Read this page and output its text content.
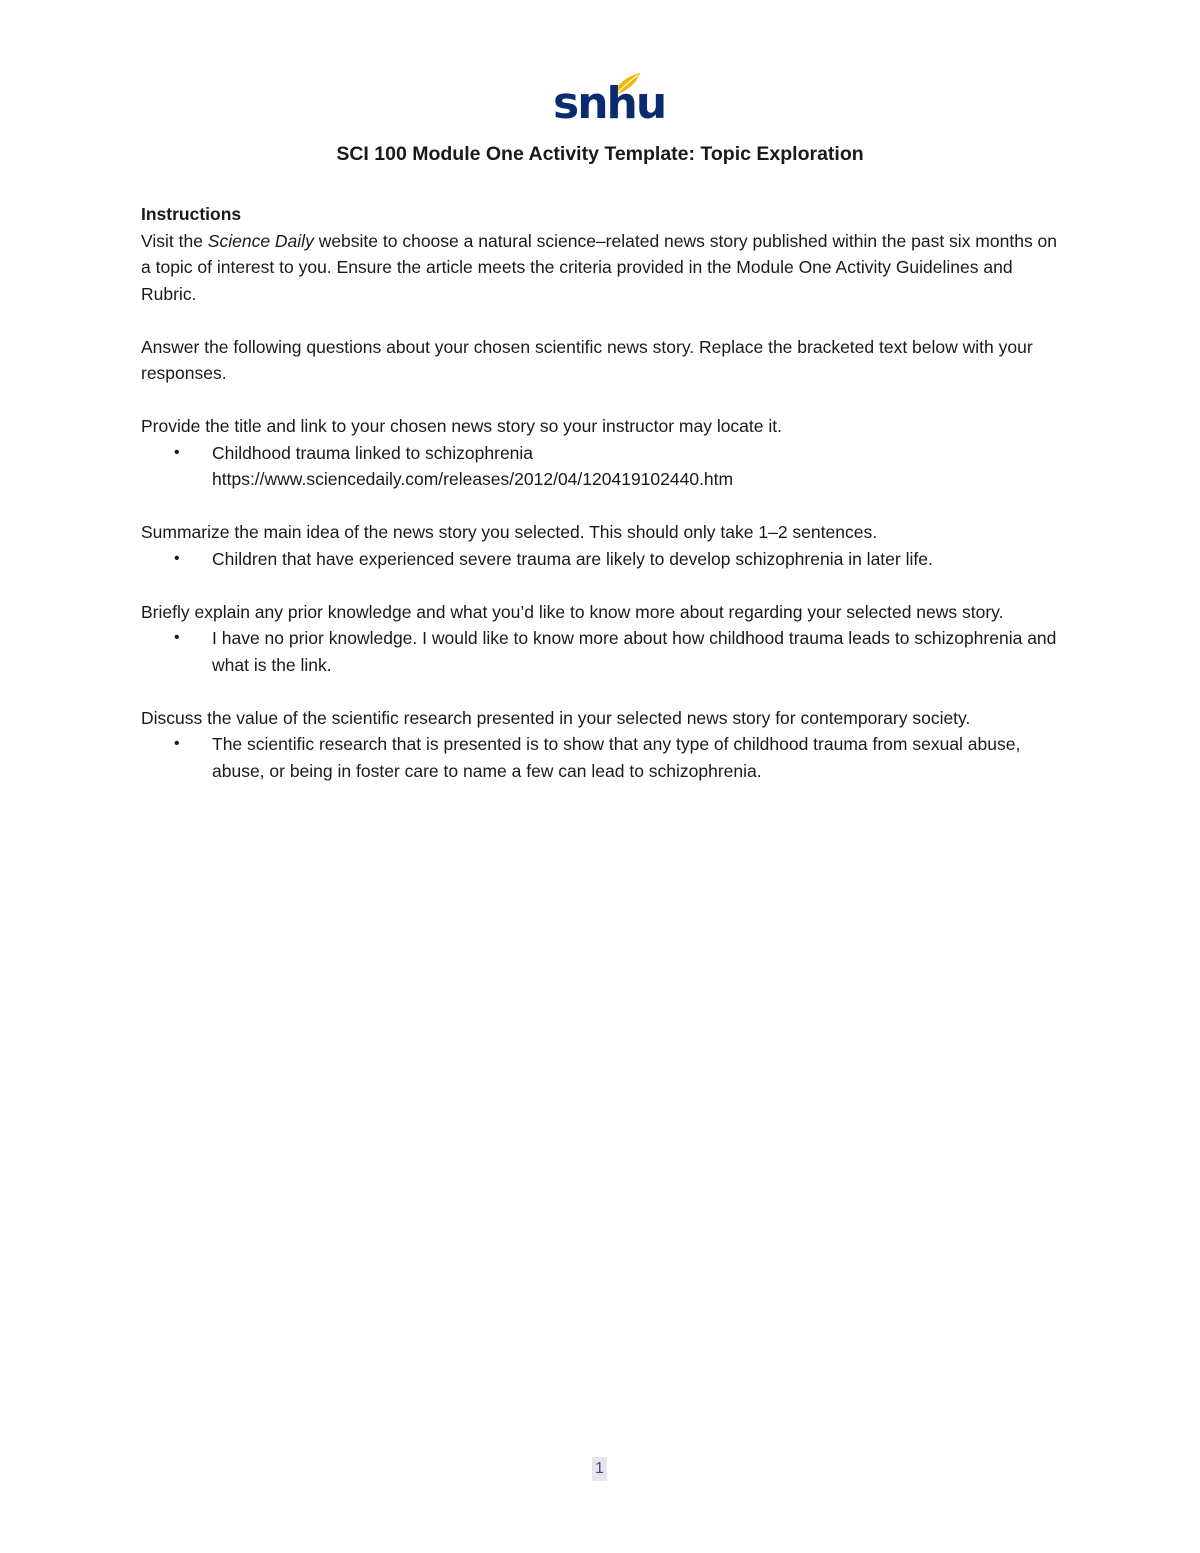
snhu
SCI 100 Module One Activity Template: Topic Exploration

Instructions

Visit the Science Daily website to choose a natural science–related news story published within the past six months on a topic of interest to you. Ensure the article meets the criteria provided in the Module One Activity Guidelines and Rubric.

Answer the following questions about your chosen scientific news story. Replace the bracketed text below with your responses.

Provide the title and link to your chosen news story so your instructor may locate it.

• Childhood trauma linked to schizophrenia
https://www.sciencedaily.com/releases/2012/04/120419102440.htm

Summarize the main idea of the news story you selected. This should only take 1–2 sentences.

• Children that have experienced severe trauma are likely to develop schizophrenia in later life.

Briefly explain any prior knowledge and what you’d like to know more about regarding your selected news story.

• I have no prior knowledge. I would like to know more about how childhood trauma leads to schizophrenia and what is the link.

Discuss the value of the scientific research presented in your selected news story for contemporary society.

• The scientific research that is presented is to show that any type of childhood trauma from sexual abuse, abuse, or being in foster care to name a few can lead to schizophrenia.
1
